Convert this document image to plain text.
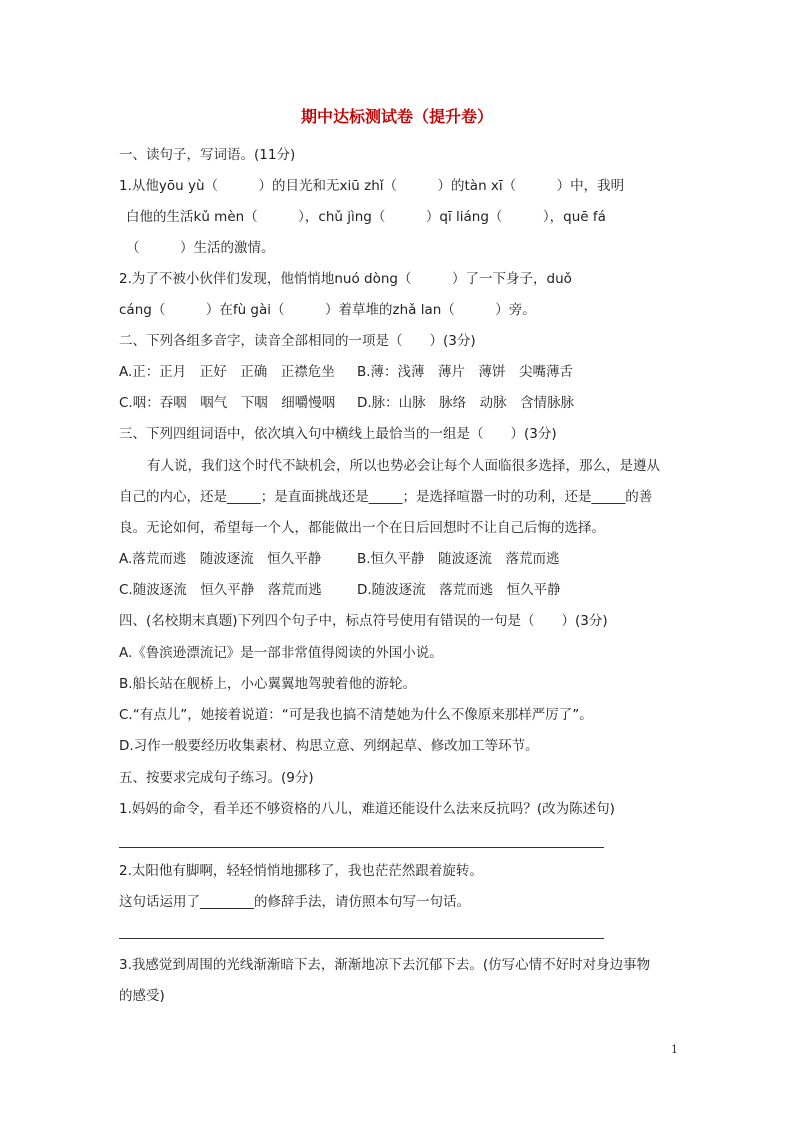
期中达标测试卷（提升卷）
一、读句子，写词语。(11分)
1.从他yōu yù（　　　）的目光和无xiū zhǐ（　　　）的tàn xī（　　　）中，我明
白他的生活kǔ mèn（　　　），chǔ jìng（　　　）qī liáng（　　　），quē fá
（　　　）生活的激情。
2.为了不被小伙伴们发现，他悄悄地nuó dòng（　　　）了一下身子，duǒ
cáng（　　　）在fù gài（　　　）着草堆的zhǎ lan（　　　）旁。
二、下列各组多音字，读音全部相同的一项是（　　）(3分)
A.正：正月　正好　正确　正襟危坐	B.薄：浅薄　薄片　薄饼　尖嘴薄舌
C.咽：吞咽　咽气　下咽　细嚼慢咽	D.脉：山脉　脉络　动脉　含情脉脉
三、下列四组词语中，依次填入句中横线上最恰当的一组是（　　）(3分)
有人说，我们这个时代不缺机会，所以也势必会让每个人面临很多选择，那么，是遵从
自己的内心，还是_____；是直面挑战还是_____；是选择喧嚣一时的功利，还是_____的善
良。无论如何，希望每一个人，都能做出一个在日后回想时不让自己后悔的选择。
A.落荒而逃　随波逐流　恒久平静	B.恒久平静　随波逐流　落荒而逃
C.随波逐流　恒久平静　落荒而逃	D.随波逐流　落荒而逃　恒久平静
四、(名校期末真题)下列四个句子中，标点符号使用有错误的一句是（　　）(3分)
A.《鲁滨逊漂流记》是一部非常值得阅读的外国小说。
B.船长站在舰桥上，小心翼翼地驾驶着他的游轮。
C.“有点儿”，她接着说道：“可是我也搞不清楚她为什么不像原来那样严厉了”。
D.习作一般要经历收集素材、构思立意、列纲起草、修改加工等环节。
五、按要求完成句子练习。(9分)
1.妈妈的命令，看羊还不够资格的八儿，难道还能设什么法来反抗吗？(改为陈述句)
2.太阳他有脚啊，轻轻悄悄地挪移了，我也茫茫然跟着旋转。
这句话运用了________的修辞手法，请仿照本句写一句话。
3.我感觉到周围的光线渐渐暗下去，渐渐地凉下去沉郁下去。(仿写心情不好时对身边事物
的感受)
1
